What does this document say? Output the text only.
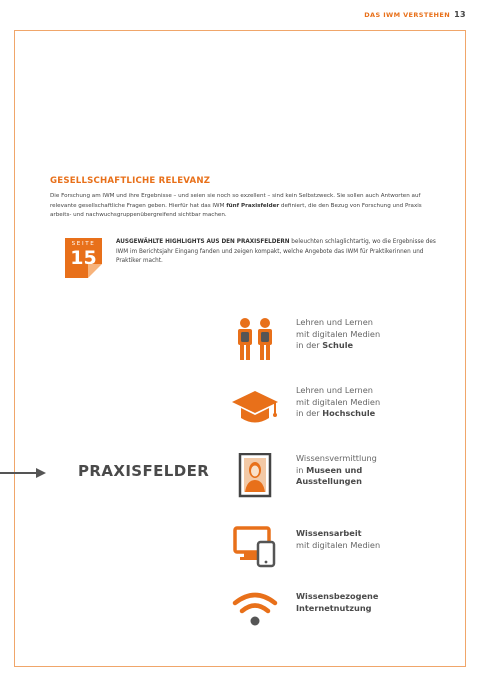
DAS IWM VERSTEHEN 13
GESELLSCHAFTLICHE RELEVANZ
Die Forschung am IWM und ihre Ergebnisse – und seien sie noch so exzellent – sind kein Selbstzweck. Sie sollen auch Antworten auf relevante gesellschaftliche Fragen geben. Hierfür hat das IWM fünf Praxisfelder definiert, die den Bezug von Forschung und Praxis arbeits- und nachwuchsgruppenübergreifend sichtbar machen.
SEITE
15
AUSGEWÄHLTE HIGHLIGHTS AUS DEN PRAXISFELDERN beleuchten schlaglichtartig, wo die Ergebnisse des IWM im Berichtsjahr Eingang fanden und zeigen kompakt, welche Angebote das IWM für Praktikerinnen und Praktiker macht.
PRAXISFELDER
Lehren und Lernen
mit digitalen Medien
in der Schule
Lehren und Lernen
mit digitalen Medien
in der Hochschule
Wissensvermittlung
in Museen und
Ausstellungen
Wissensarbeit
mit digitalen Medien
Wissensbezogene
Internetnutzung
